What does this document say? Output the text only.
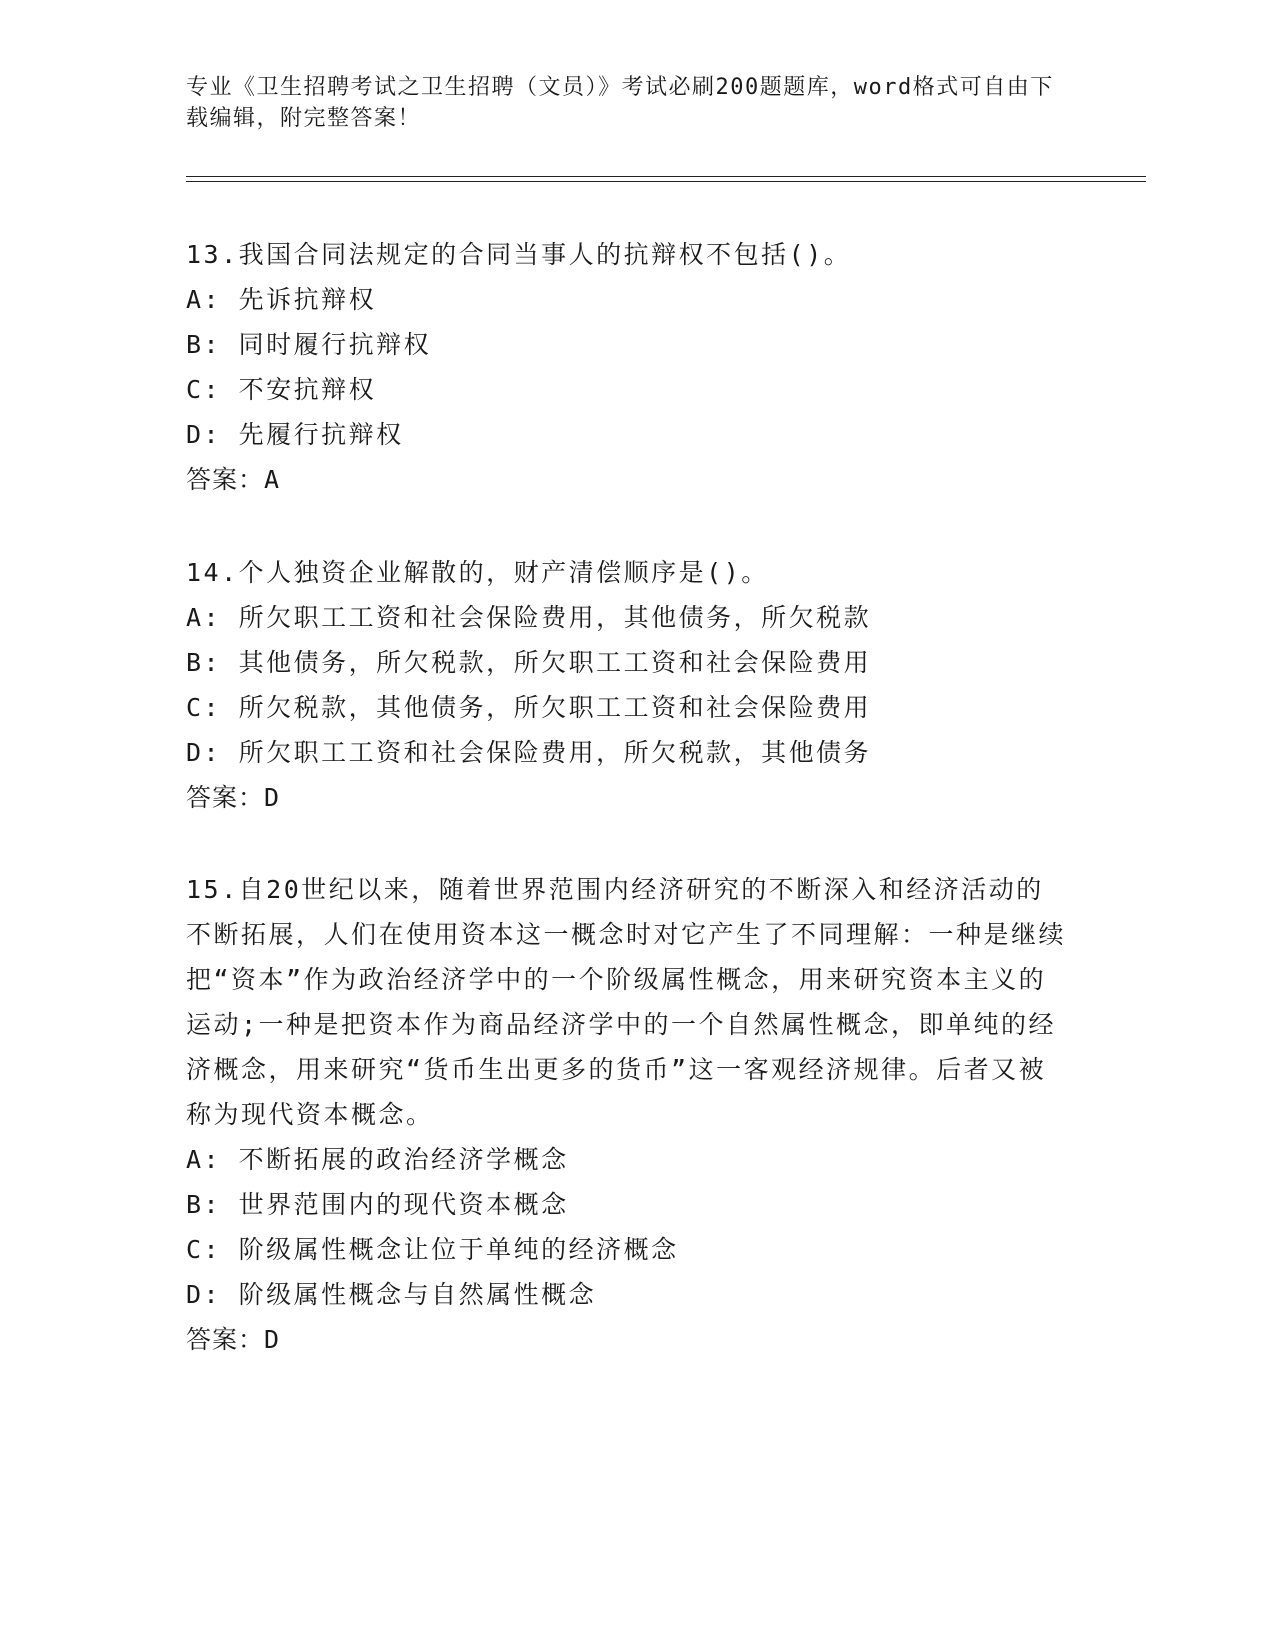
专业《卫生招聘考试之卫生招聘（文员）》考试必刷200题题库，word格式可自由下载编辑，附完整答案！

13.我国合同法规定的合同当事人的抗辩权不包括()。

A: 先诉抗辩权

B: 同时履行抗辩权

C: 不安抗辩权

D: 先履行抗辩权

答案：A

14.个人独资企业解散的，财产清偿顺序是()。

A: 所欠职工工资和社会保险费用，其他债务，所欠税款

B: 其他债务，所欠税款，所欠职工工资和社会保险费用

C: 所欠税款，其他债务，所欠职工工资和社会保险费用

D: 所欠职工工资和社会保险费用，所欠税款，其他债务

答案：D

15.自20世纪以来，随着世界范围内经济研究的不断深入和经济活动的不断拓展，人们在使用资本这一概念时对它产生了不同理解：一种是继续把“资本”作为政治经济学中的一个阶级属性概念，用来研究资本主义的运动;一种是把资本作为商品经济学中的一个自然属性概念，即单纯的经济概念，用来研究“货币生出更多的货币”这一客观经济规律。后者又被称为现代资本概念。

A: 不断拓展的政治经济学概念

B: 世界范围内的现代资本概念

C: 阶级属性概念让位于单纯的经济概念

D: 阶级属性概念与自然属性概念

答案：D
